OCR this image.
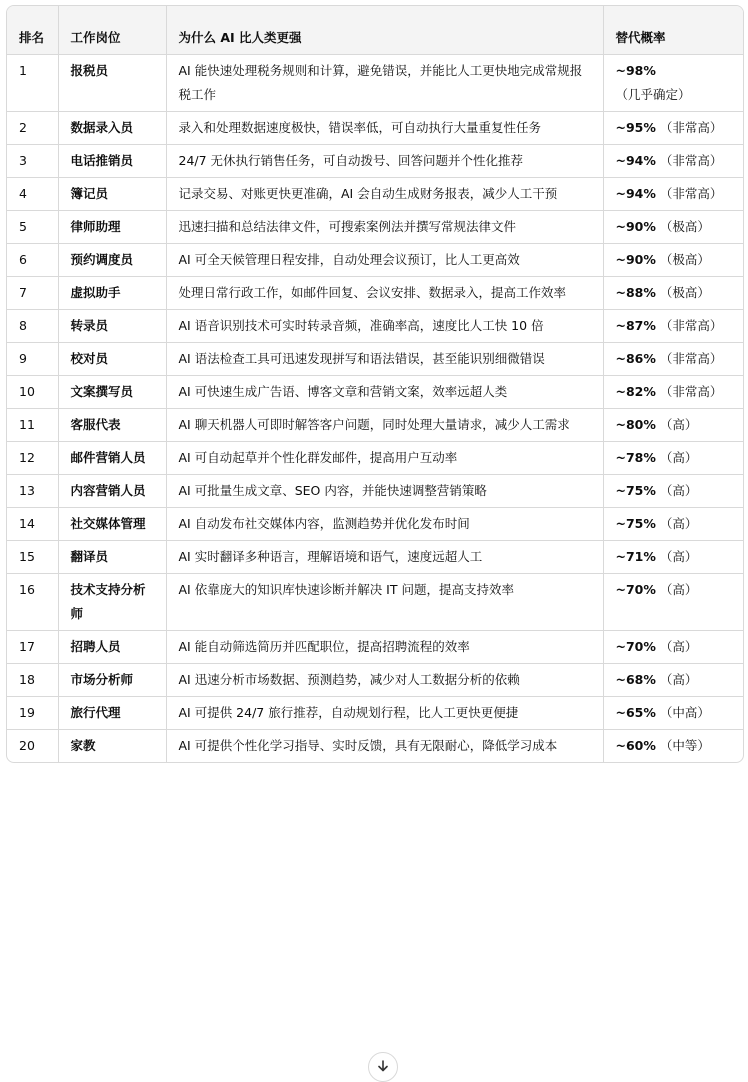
排名	工作岗位	为什么 AI 比人类更强	替代概率
1	报税员	AI 能快速处理税务规则和计算，避免错误，并能比人工更快地完成常规报税工作	~98% （几乎确定）
2	数据录入员	录入和处理数据速度极快，错误率低，可自动执行大量重复性任务	~95% （非常高）
3	电话推销员	24/7 无休执行销售任务，可自动拨号、回答问题并个性化推荐	~94% （非常高）
4	簿记员	记录交易、对账更快更准确，AI 会自动生成财务报表，减少人工干预	~94% （非常高）
5	律师助理	迅速扫描和总结法律文件，可搜索案例法并撰写常规法律文件	~90% （极高）
6	预约调度员	AI 可全天候管理日程安排，自动处理会议预订，比人工更高效	~90% （极高）
7	虚拟助手	处理日常行政工作，如邮件回复、会议安排、数据录入，提高工作效率	~88% （极高）
8	转录员	AI 语音识别技术可实时转录音频，准确率高，速度比人工快 10 倍	~87% （非常高）
9	校对员	AI 语法检查工具可迅速发现拼写和语法错误，甚至能识别细微错误	~86% （非常高）
10	文案撰写员	AI 可快速生成广告语、博客文章和营销文案，效率远超人类	~82% （非常高）
11	客服代表	AI 聊天机器人可即时解答客户问题，同时处理大量请求，减少人工需求	~80% （高）
12	邮件营销人员	AI 可自动起草并个性化群发邮件，提高用户互动率	~78% （高）
13	内容营销人员	AI 可批量生成文章、SEO 内容，并能快速调整营销策略	~75% （高）
14	社交媒体管理	AI 自动发布社交媒体内容，监测趋势并优化发布时间	~75% （高）
15	翻译员	AI 实时翻译多种语言，理解语境和语气，速度远超人工	~71% （高）
16	技术支持分析师	AI 依靠庞大的知识库快速诊断并解决 IT 问题，提高支持效率	~70% （高）
17	招聘人员	AI 能自动筛选简历并匹配职位，提高招聘流程的效率	~70% （高）
18	市场分析师	AI 迅速分析市场数据、预测趋势，减少对人工数据分析的依赖	~68% （高）
19	旅行代理	AI 可提供 24/7 旅行推荐，自动规划行程，比人工更快更便捷	~65% （中高）
20	家教	AI 可提供个性化学习指导、实时反馈，具有无限耐心，降低学习成本	~60% （中等）
